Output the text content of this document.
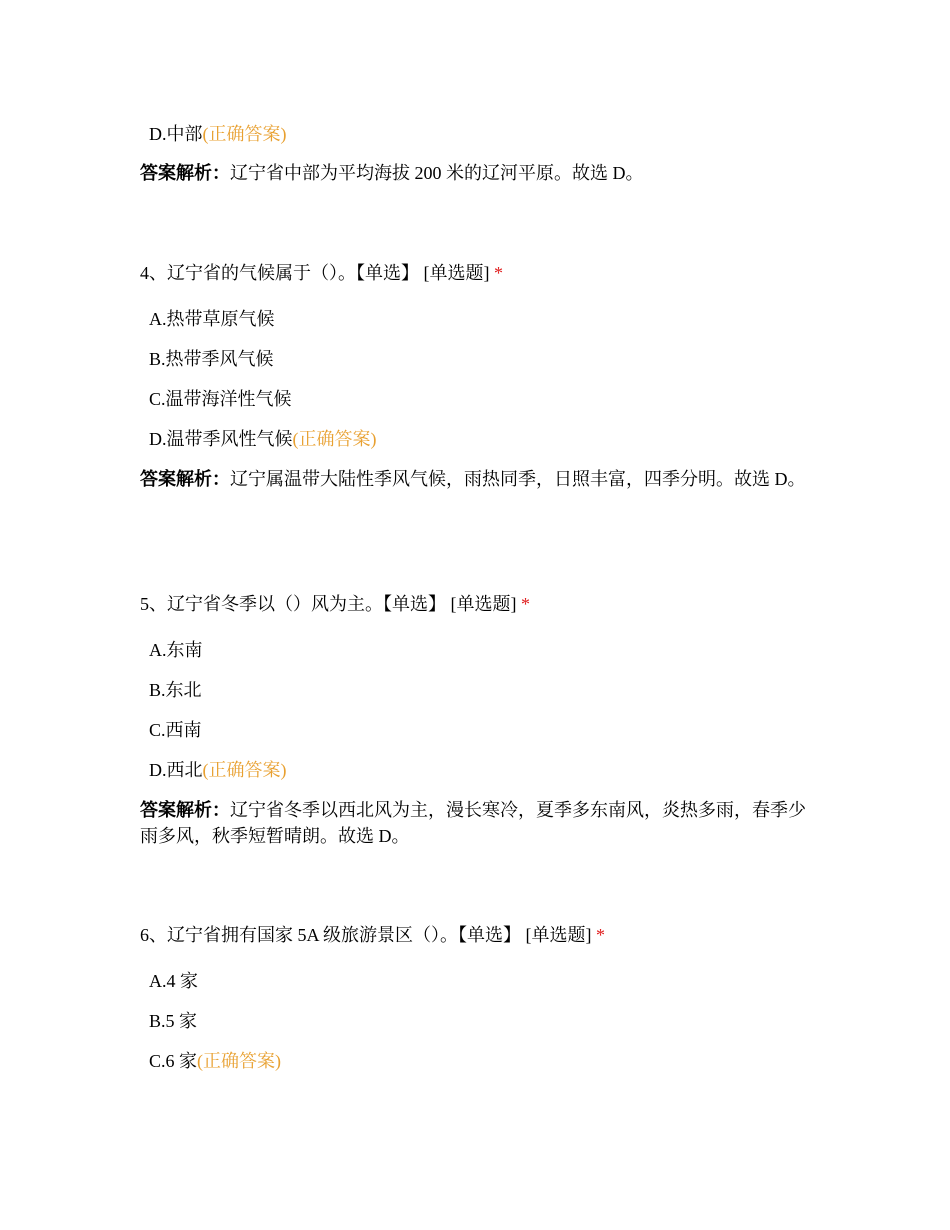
D.中部(正确答案)
答案解析：辽宁省中部为平均海拔 200 米的辽河平原。故选 D。
4、辽宁省的气候属于（）。【单选】 [单选题] *
A.热带草原气候
B.热带季风气候
C.温带海洋性气候
D.温带季风性气候(正确答案)
答案解析：辽宁属温带大陆性季风气候，雨热同季，日照丰富，四季分明。故选 D。
5、辽宁省冬季以（）风为主。【单选】 [单选题] *
A.东南
B.东北
C.西南
D.西北(正确答案)
答案解析：辽宁省冬季以西北风为主，漫长寒冷，夏季多东南风，炎热多雨，春季少雨多风，秋季短暂晴朗。故选 D。
6、辽宁省拥有国家 5A 级旅游景区（）。【单选】 [单选题] *
A.4 家
B.5 家
C.6 家(正确答案)
